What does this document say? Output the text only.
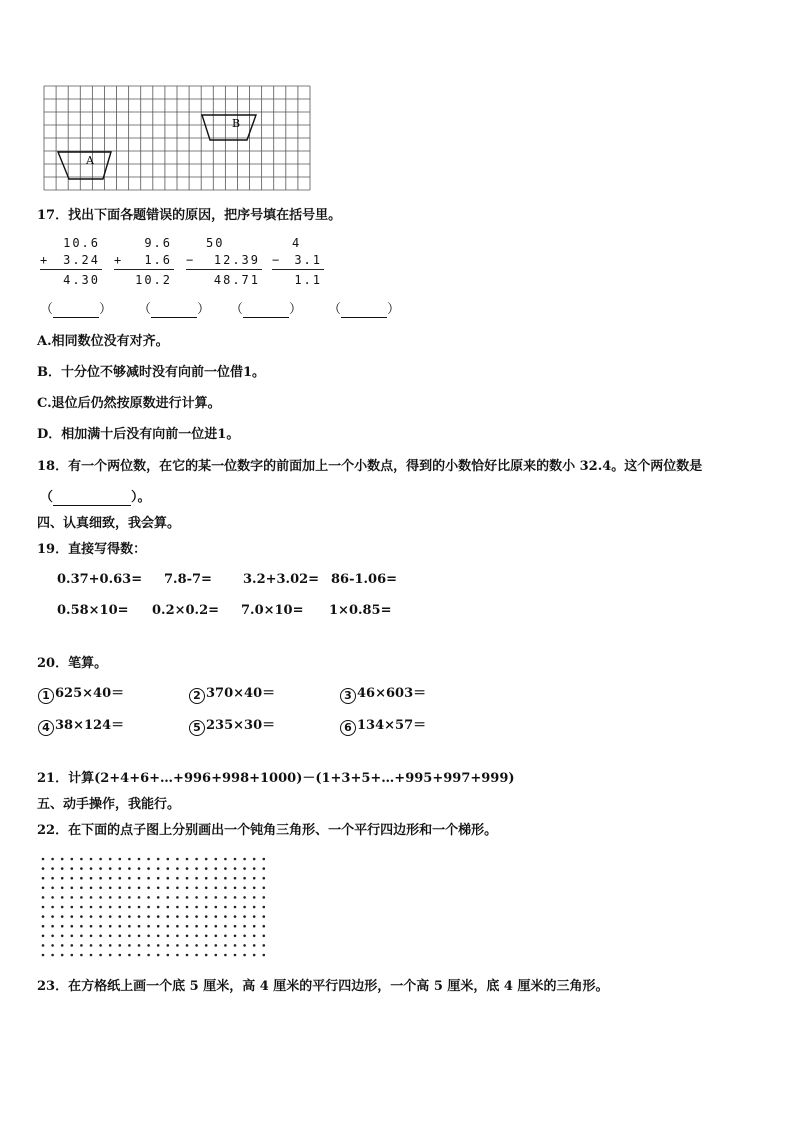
A
B
17．找出下面各题错误的原因，把序号填在括号里。
10.6
+ 3.24
4.30
9.6
+ 1.6
10.2
50
− 12.39
48.71
4
− 3.1
1.1
（	） （	） （	） （	）
A.相同数位没有对齐。
B．十分位不够减时没有向前一位借1。
C.退位后仍然按原数进行计算。
D．相加满十后没有向前一位进1。
18．有一个两位数，在它的某一位数字的前面加上一个小数点，得到的小数恰好比原来的数小 32.4。这个两位数是
（	）。
四、认真细致，我会算。
19．直接写得数：
0.37+0.63= 7.8-7= 3.2+3.02= 86-1.06=
0.58×10= 0.2×0.2= 7.0×10= 1×0.85=
20．笔算。
1 625×40＝	2 370×40＝	3 46×603＝
4 38×124＝	5 235×30＝	6 134×57＝
21．计算(2+4+6+…+996+998+1000)－(1+3+5+…+995+997+999)
五、动手操作，我能行。
22．在下面的点子图上分别画出一个钝角三角形、一个平行四边形和一个梯形。
23．在方格纸上画一个底 5 厘米，高 4 厘米的平行四边形，一个高 5 厘米，底 4 厘米的三角形。
